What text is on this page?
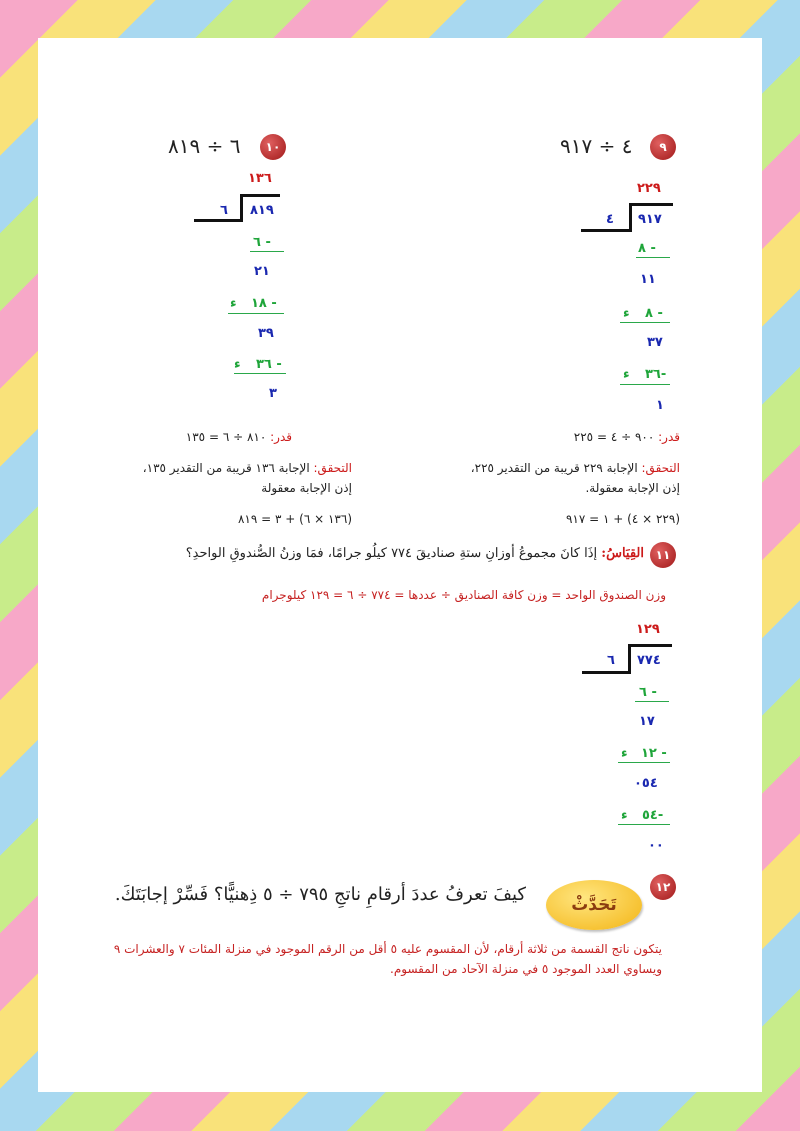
٩
٤ ÷ ٩١٧
٢٢٩
٤ ٩١٧
٨ -
١١
ء ٨ -
٣٧
ء ٣٦-
١
قدر: ٩٠٠ ÷ ٤ = ٢٢٥
التحقق: الإجابة ٢٢٩ قريبة من التقدير ٢٢٥،
إذن الإجابة معقولة.
(٢٢٩ × ٤) + ١ = ٩١٧
١٠
٦ ÷ ٨١٩
١٣٦
٦ ٨١٩
٦ -
٢١
ء ١٨ -
٣٩
ء ٣٦ -
٣
قدر: ٨١٠ ÷ ٦ = ١٣٥
التحقق: الإجابة ١٣٦ قريبة من التقدير ١٣٥،
إذن الإجابة معقولة
(١٣٦ × ٦) + ٣ = ٨١٩
١١
القِيَاسُ: إذَا كانَ مجموعُ أوزانِ ستةِ صناديقَ ٧٧٤ كيلُو جرامًا، فمَا وزنُ الصُّندوقِ الواحدِ؟
وزن الصندوق الواحد = وزن كافة الصناديق ÷ عددها = ٧٧٤ ÷ ٦ = ١٢٩ كيلوجرام
١٢٩
٦ ٧٧٤
٦ -
١٧
ء ١٢ -
٠٥٤
ء ٥٤-
٠٠
١٢
تَحَدَّثْ
كيفَ تعرفُ عددَ أرقامِ ناتجِ ٧٩٥ ÷ ٥ ذِهنيًّا؟ فَسِّرْ إجابَتَكَ.
يتكون ناتج القسمة من ثلاثة أرقام، لأن المقسوم عليه ٥ أقل من الرقم الموجود في منزلة المئات ٧ والعشرات ٩
ويساوي العدد الموجود ٥ في منزلة الآحاد من المقسوم.
